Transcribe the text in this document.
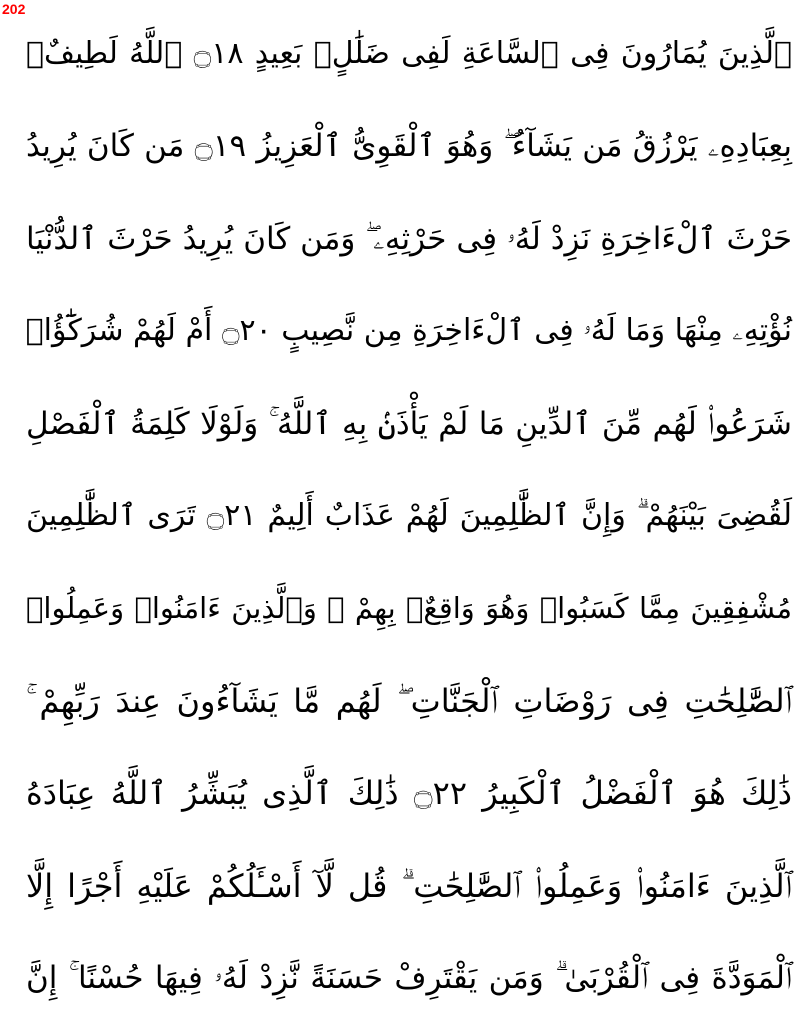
202
ٱلَّذِينَ يُمَارُونَ فِى ٱلسَّاعَةِ لَفِى ضَلَٰلٍۭ بَعِيدٍ ۝١٨ ٱللَّهُ لَطِيفٌۢ
بِعِبَادِهِۦ يَرْزُقُ مَن يَشَآءُ ۖ وَهُوَ ٱلْقَوِىُّ ٱلْعَزِيزُ ۝١٩ مَن كَانَ يُرِيدُ
حَرْثَ ٱلْءَاخِرَةِ نَزِدْ لَهُۥ فِى حَرْثِهِۦ ۖ وَمَن كَانَ يُرِيدُ حَرْثَ ٱلدُّنْيَا
نُؤْتِهِۦ مِنْهَا وَمَا لَهُۥ فِى ٱلْءَاخِرَةِ مِن نَّصِيبٍ ۝٢٠ أَمْ لَهُمْ شُرَكَٰٓؤُا۟
شَرَعُوا۟ لَهُم مِّنَ ٱلدِّينِ مَا لَمْ يَأْذَنۢ بِهِ ٱللَّهُ ۚ وَلَوْلَا كَلِمَةُ ٱلْفَصْلِ
لَقُضِىَ بَيْنَهُمْ ۗ وَإِنَّ ٱلظَّٰلِمِينَ لَهُمْ عَذَابٌ أَلِيمٌ ۝٢١ تَرَى ٱلظَّٰلِمِينَ
مُشْفِقِينَ مِمَّا كَسَبُوا۟ وَهُوَ وَاقِعٌۢ بِهِمْ ۗ وَٱلَّذِينَ ءَامَنُوا۟ وَعَمِلُوا۟
ٱلصَّٰلِحَٰتِ فِى رَوْضَاتِ ٱلْجَنَّاتِ ۖ لَهُم مَّا يَشَآءُونَ عِندَ رَبِّهِمْ ۚ
ذَٰلِكَ هُوَ ٱلْفَضْلُ ٱلْكَبِيرُ ۝٢٢ ذَٰلِكَ ٱلَّذِى يُبَشِّرُ ٱللَّهُ عِبَادَهُ
ٱلَّذِينَ ءَامَنُوا۟ وَعَمِلُوا۟ ٱلصَّٰلِحَٰتِ ۗ قُل لَّآ أَسْـَٔلُكُمْ عَلَيْهِ أَجْرًا إِلَّا
ٱلْمَوَدَّةَ فِى ٱلْقُرْبَىٰ ۗ وَمَن يَقْتَرِفْ حَسَنَةً نَّزِدْ لَهُۥ فِيهَا حُسْنًا ۚ إِنَّ
